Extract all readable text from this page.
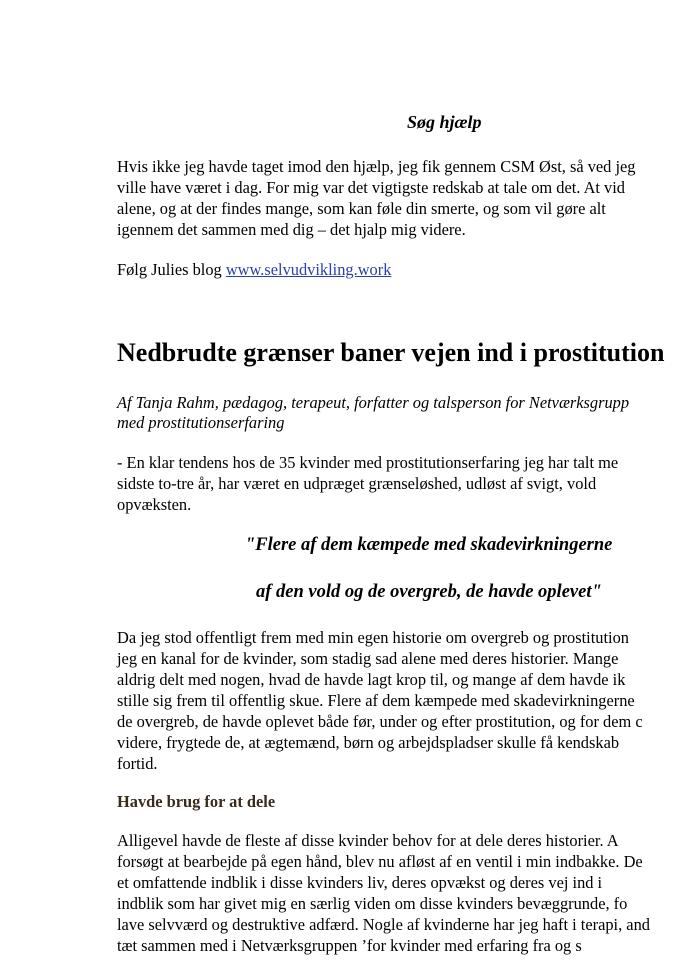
Søg hjælp
Hvis ikke jeg havde taget imod den hjælp, jeg fik gennem CSM Øst, så ved jeg
ville have været i dag. For mig var det vigtigste redskab at tale om det. At vid
alene, og at der findes mange, som kan føle din smerte, og som vil gøre alt
igennem det sammen med dig – det hjalp mig videre.
Følg Julies blog www.selvudvikling.work
Nedbrudte grænser baner vejen ind i prostitution
Af Tanja Rahm, pædagog, terapeut, forfatter og talsperson for Netværksgrupp
med prostitutionserfaring
- En klar tendens hos de 35 kvinder med prostitutionserfaring jeg har talt me
sidste to-tre år, har været en udpræget grænseløshed, udløst af svigt, vold
opvæksten.
"Flere af dem kæmpede med skadevirkningerne
af den vold og de overgreb, de havde oplevet"
Da jeg stod offentligt frem med min egen historie om overgreb og prostitution
jeg en kanal for de kvinder, som stadig sad alene med deres historier. Mange
aldrig delt med nogen, hvad de havde lagt krop til, og mange af dem havde ik
stille sig frem til offentlig skue. Flere af dem kæmpede med skadevirkningerne
de overgreb, de havde oplevet både før, under og efter prostitution, og for dem c
videre, frygtede de, at ægtemænd, børn og arbejdspladser skulle få kendskab
fortid.
Havde brug for at dele
Alligevel havde de fleste af disse kvinder behov for at dele deres historier. A
forsøgt at bearbejde på egen hånd, blev nu afløst af en ventil i min indbakke. De
et omfattende indblik i disse kvinders liv, deres opvækst og deres vej ind i
indblik som har givet mig en særlig viden om disse kvinders bevæggrunde, fo
lave selvværd og destruktive adfærd. Nogle af kvinderne har jeg haft i terapi, and
tæt sammen med i Netværksgruppen ’for kvinder med erfaring fra og s
